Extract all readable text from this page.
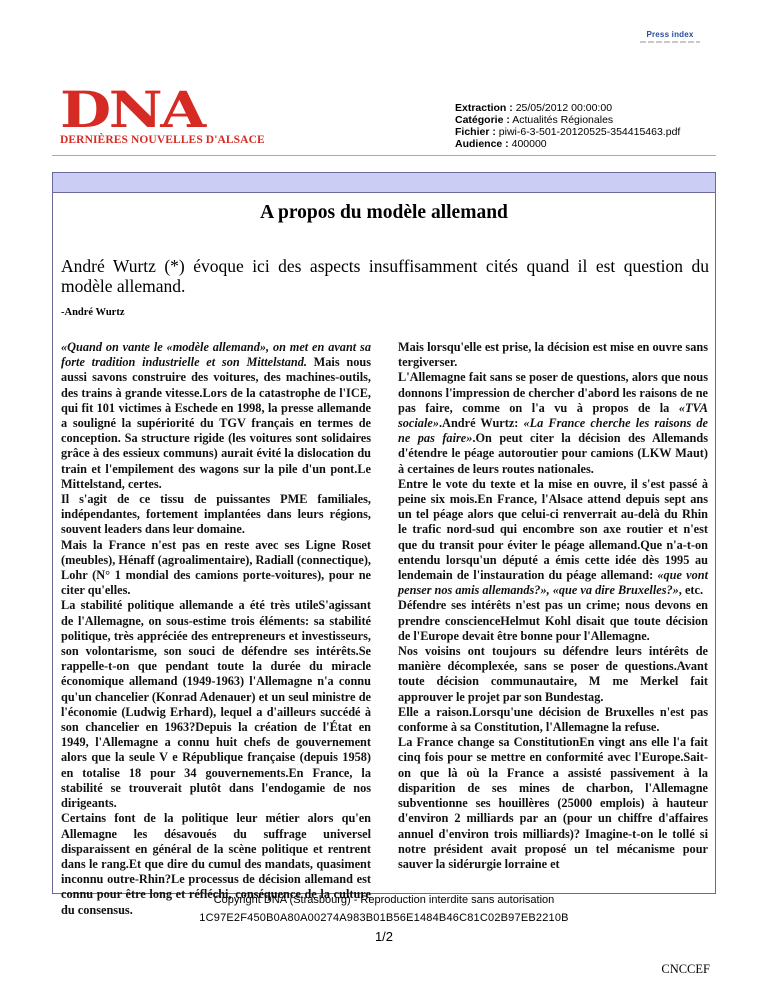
Press index
DNA
DERNIÈRES NOUVELLES D'ALSACE
Extraction : 25/05/2012 00:00:00
Catégorie : Actualités Régionales
Fichier : piwi-6-3-501-20120525-354415463.pdf
Audience : 400000
A propos du modèle allemand
André Wurtz (*) évoque ici des aspects insuffisamment cités quand il est question du modèle allemand.
-André Wurtz

«Quand on vante le «modèle allemand», on met en avant sa forte tradition industrielle et son Mittelstand. Mais nous aussi savons construire des voitures, des machines-outils, des trains à grande vitesse.Lors de la catastrophe de l'ICE, qui fit 101 victimes à Eschede en 1998, la presse allemande a souligné la supériorité du TGV français en termes de conception. Sa structure rigide (les voitures sont solidaires grâce à des essieux communs) aurait évité la dislocation du train et l'empilement des wagons sur la pile d'un pont.Le Mittelstand, certes.

Il s'agit de ce tissu de puissantes PME familiales, indépendantes, fortement implantées dans leurs régions, souvent leaders dans leur domaine.

Mais la France n'est pas en reste avec ses Ligne Roset (meubles), Hénaff (agroalimentaire), Radiall (connectique), Lohr (N° 1 mondial des camions porte-voitures), pour ne citer qu'elles.

La stabilité politique allemande a été très utileS'agissant de l'Allemagne, on sous-estime trois éléments: sa stabilité politique, très appréciée des entrepreneurs et investisseurs, son volontarisme, son souci de défendre ses intérêts.Se rappelle-t-on que pendant toute la durée du miracle économique allemand (1949-1963) l'Allemagne n'a connu qu'un chancelier (Konrad Adenauer) et un seul ministre de l'économie (Ludwig Erhard), lequel a d'ailleurs succédé à son chancelier en 1963?Depuis la création de l'État en 1949, l'Allemagne a connu huit chefs de gouvernement alors que la seule V e République française (depuis 1958) en totalise 18 pour 34 gouvernements.En France, la stabilité se trouverait plutôt dans l'endogamie de nos dirigeants.

Certains font de la politique leur métier alors qu'en Allemagne les désavoués du suffrage universel disparaissent en général de la scène politique et rentrent dans le rang.Et que dire du cumul des mandats, quasiment inconnu outre-Rhin?Le processus de décision allemand est connu pour être long et réfléchi, conséquence de la culture du consensus.

Mais lorsqu'elle est prise, la décision est mise en ouvre sans tergiverser.

L'Allemagne fait sans se poser de questions, alors que nous donnons l'impression de chercher d'abord les raisons de ne pas faire, comme on l'a vu à propos de la «TVA sociale».André Wurtz: «La France cherche les raisons de ne pas faire».On peut citer la décision des Allemands d'étendre le péage autoroutier pour camions (LKW Maut) à certaines de leurs routes nationales.

Entre le vote du texte et la mise en ouvre, il s'est passé à peine six mois.En France, l'Alsace attend depuis sept ans un tel péage alors que celui-ci renverrait au-delà du Rhin le trafic nord-sud qui encombre son axe routier et n'est que du transit pour éviter le péage allemand.Que n'a-t-on entendu lorsqu'un député a émis cette idée dès 1995 au lendemain de l'instauration du péage allemand: «que vont penser nos amis allemands?», «que va dire Bruxelles?», etc.

Défendre ses intérêts n'est pas un crime; nous devons en prendre conscienceHelmut Kohl disait que toute décision de l'Europe devait être bonne pour l'Allemagne.

Nos voisins ont toujours su défendre leurs intérêts de manière décomplexée, sans se poser de questions.Avant toute décision communautaire, M me Merkel fait approuver le projet par son Bundestag.

Elle a raison.Lorsqu'une décision de Bruxelles n'est pas conforme à sa Constitution, l'Allemagne la refuse.

La France change sa ConstitutionEn vingt ans elle l'a fait cinq fois pour se mettre en conformité avec l'Europe.Sait-on que là où la France a assisté passivement à la disparition de ses mines de charbon, l'Allemagne subventionne ses houillères (25000 emplois) à hauteur d'environ 2 milliards par an (pour un chiffre d'affaires annuel d'environ trois milliards)? Imagine-t-on le tollé si notre président avait proposé un tel mécanisme pour sauver la sidérurgie lorraine et

Copyright DNA (Strasbourg) - Reproduction interdite sans autorisation
1C97E2F450B0A80A00274A983B01B56E1484B46C81C02B97EB2210B
1/2
CNCCEF
